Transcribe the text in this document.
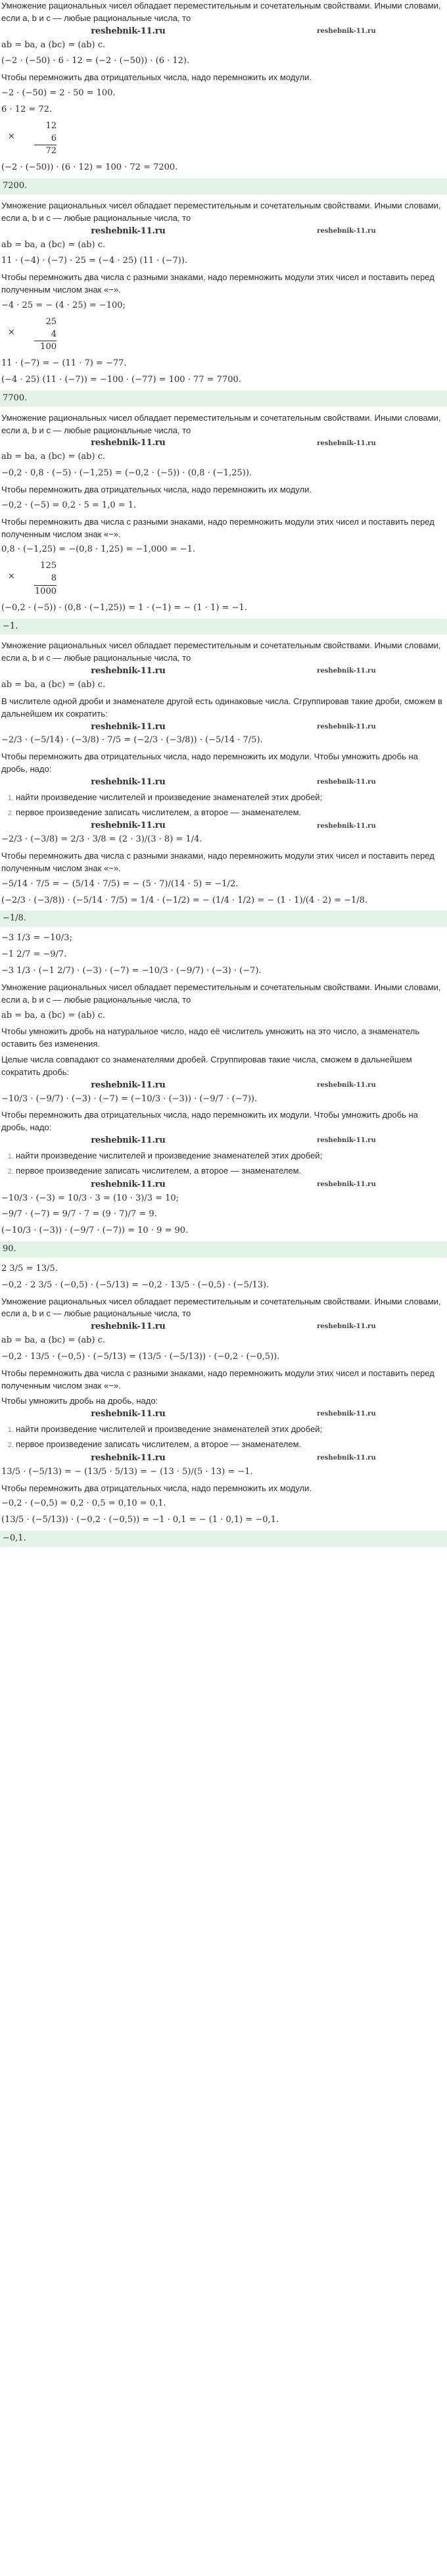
Умножение рациональных чисел обладает переместительным и сочетательным свойствами. Иными словами, если a, b и c — любые рациональные числа, то
reshebnik-11.ru	reshebnik-11.ru
ab = ba, a (bc) = (ab) c.
(−2 · (−50) · 6 · 12 = (−2 · (−50)) · (6 · 12).
Чтобы перемножить два отрицательных числа, надо перемножить их модули.
−2 · (−50) = 2 · 50 = 100.
6 · 12 = 72.
×
12
6
72
(−2 · (−50)) · (6 · 12) = 100 · 72 = 7200.
7200.
Умножение рациональных чисел обладает переместительным и сочетательным свойствами. Иными словами, если a, b и c — любые рациональные числа, то
reshebnik-11.ru	reshebnik-11.ru
ab = ba, a (bc) = (ab) c.
11 · (−4) · (−7) · 25 = (−4 · 25) (11 · (−7)).
Чтобы перемножить два числа с разными знаками, надо перемножить модули этих чисел и поставить перед полученным числом знак «−».
−4 · 25 = − (4 · 25) = −100;
×
25
4
100
11 · (−7) = − (11 · 7) = −77.
(−4 · 25) (11 · (−7)) = −100 · (−77) = 100 · 77 = 7700.
7700.
Умножение рациональных чисел обладает переместительным и сочетательным свойствами. Иными словами, если a, b и c — любые рациональные числа, то
reshebnik-11.ru	reshebnik-11.ru
ab = ba, a (bc) = (ab) c.
−0,2 · 0,8 · (−5) · (−1,25) = (−0,2 · (−5)) · (0,8 · (−1,25)).
Чтобы перемножить два отрицательных числа, надо перемножить их модули.
−0,2 · (−5) = 0,2 · 5 = 1,0 = 1.
Чтобы перемножить два числа с разными знаками, надо перемножить модули этих чисел и поставить перед полученным числом знак «−».
0,8 · (−1,25) = −(0,8 · 1,25) = −1,000 = −1.
×
125
8
1000
(−0,2 · (−5)) · (0,8 · (−1,25)) = 1 · (−1) = − (1 · 1) = −1.
−1.
Умножение рациональных чисел обладает переместительным и сочетательным свойствами. Иными словами, если a, b и c — любые рациональные числа, то
reshebnik-11.ru	reshebnik-11.ru
ab = ba, a (bc) = (ab) c.
В числителе одной дроби и знаменателе другой есть одинаковые числа. Сгруппировав такие дроби, сможем в дальнейшем их сократить:
reshebnik-11.ru	reshebnik-11.ru
−2/3 · (−5/14) · (−3/8) · 7/5 = (−2/3 · (−3/8)) · (−5/14 · 7/5).
Чтобы перемножить два отрицательных числа, надо перемножить их модули. Чтобы умножить дробь на дробь, надо:
reshebnik-11.ru	reshebnik-11.ru
1. найти произведение числителей и произведение знаменателей этих дробей;
2. первое произведение записать числителем, а второе — знаменателем.
reshebnik-11.ru	reshebnik-11.ru
−2/3 · (−3/8) = 2/3 · 3/8 = (2 · 3)/(3 · 8) = 1/4.
Чтобы перемножить два числа с разными знаками, надо перемножить модули этих чисел и поставить перед полученным числом знак «−».
−5/14 · 7/5 = − (5/14 · 7/5) = − (5 · 7)/(14 · 5) = −1/2.
(−2/3 · (−3/8)) · (−5/14 · 7/5) = 1/4 · (−1/2) = − (1/4 · 1/2) = − (1 · 1)/(4 · 2) = −1/8.
−1/8.
−3 1/3 = −10/3;
−1 2/7 = −9/7.
−3 1/3 · (−1 2/7) · (−3) · (−7) = −10/3 · (−9/7) · (−3) · (−7).
Умножение рациональных чисел обладает переместительным и сочетательным свойствами. Иными словами, если a, b и c — любые рациональные числа, то
ab = ba, a (bc) = (ab) c.
Чтобы умножить дробь на натуральное число, надо её числитель умножить на это число, а знаменатель оставить без изменения.
Целые числа совпадают со знаменателями дробей. Сгруппировав такие числа, сможем в дальнейшем сократить дробь:
reshebnik-11.ru	reshebnik-11.ru
−10/3 · (−9/7) · (−3) · (−7) = (−10/3 · (−3)) · (−9/7 · (−7)).
Чтобы перемножить два отрицательных числа, надо перемножить их модули. Чтобы умножить дробь на дробь, надо:
reshebnik-11.ru	reshebnik-11.ru
1. найти произведение числителей и произведение знаменателей этих дробей;
2. первое произведение записать числителем, а второе — знаменателем.
reshebnik-11.ru	reshebnik-11.ru
−10/3 · (−3) = 10/3 · 3 = (10 · 3)/3 = 10;
−9/7 · (−7) = 9/7 · 7 = (9 · 7)/7 = 9.
(−10/3 · (−3)) · (−9/7 · (−7)) = 10 · 9 = 90.
90.
2 3/5 = 13/5.
−0,2 · 2 3/5 · (−0,5) · (−5/13) = −0,2 · 13/5 · (−0,5) · (−5/13).
Умножение рациональных чисел обладает переместительным и сочетательным свойствами. Иными словами, если a, b и c — любые рациональные числа, то
reshebnik-11.ru	reshebnik-11.ru
ab = ba, a (bc) = (ab) c.
−0,2 · 13/5 · (−0,5) · (−5/13) = (13/5 · (−5/13)) · (−0,2 · (−0,5)).
Чтобы перемножить два числа с разными знаками, надо перемножить модули этих чисел и поставить перед полученным числом знак «−».
Чтобы умножить дробь на дробь, надо:
reshebnik-11.ru	reshebnik-11.ru
1. найти произведение числителей и произведение знаменателей этих дробей;
2. первое произведение записать числителем, а второе — знаменателем.
reshebnik-11.ru	reshebnik-11.ru
13/5 · (−5/13) = − (13/5 · 5/13) = − (13 · 5)/(5 · 13) = −1.
Чтобы перемножить два отрицательных числа, надо перемножить их модули.
−0,2 · (−0,5) = 0,2 · 0,5 = 0,10 = 0,1.
(13/5 · (−5/13)) · (−0,2 · (−0,5)) = −1 · 0,1 = − (1 · 0,1) = −0,1.
−0,1.
